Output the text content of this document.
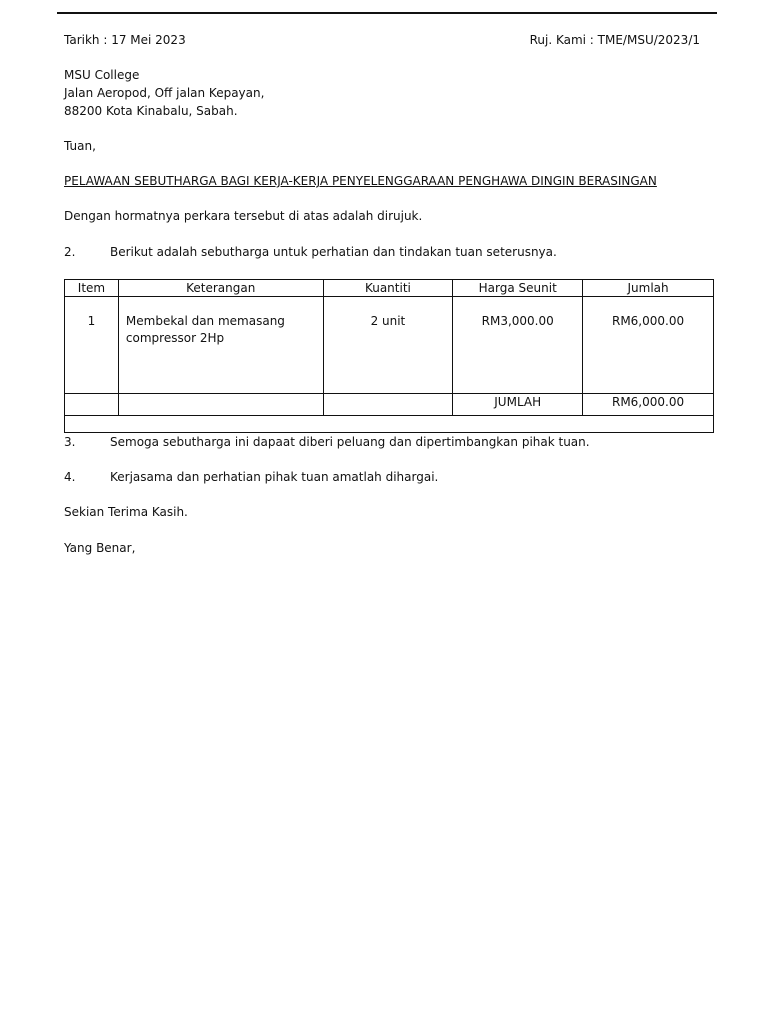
Tarikh : 17 Mei 2023	Ruj. Kami : TME/MSU/2023/1
MSU College
Jalan Aeropod, Off jalan Kepayan,
88200 Kota Kinabalu, Sabah.
Tuan,
PELAWAAN SEBUTHARGA BAGI KERJA-KERJA PENYELENGGARAAN PENGHAWA DINGIN BERASINGAN
Dengan hormatnya perkara tersebut di atas adalah dirujuk.
2.	Berikut adalah sebutharga untuk perhatian dan tindakan tuan seterusnya.
Item	Keterangan	Kuantiti	Harga Seunit	Jumlah
1	Membekal dan memasang
compressor 2Hp	2 unit	RM3,000.00	RM6,000.00
			JUMLAH	RM6,000.00

3.	Semoga sebutharga ini dapaat diberi peluang dan dipertimbangkan pihak tuan.
4.	Kerjasama dan perhatian pihak tuan amatlah dihargai.
Sekian Terima Kasih.
Yang Benar,
